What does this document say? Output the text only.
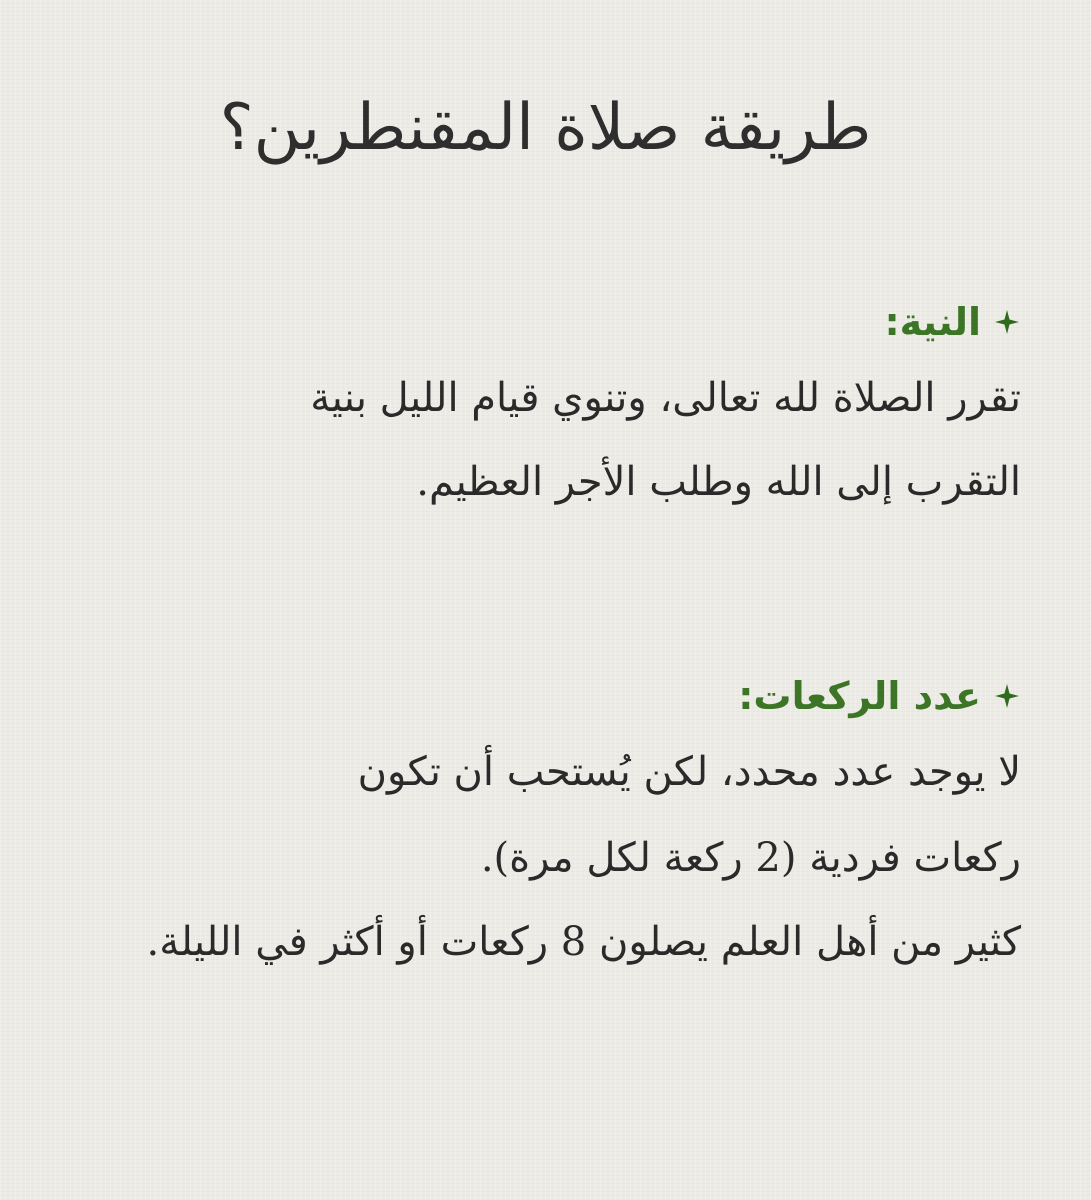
طريقة صلاة المقنطرين؟
النية:
تقرر الصلاة لله تعالى، وتنوي قيام الليل بنية
التقرب إلى الله وطلب الأجر العظيم.
عدد الركعات:
لا يوجد عدد محدد، لكن يُستحب أن تكون
ركعات فردية (2 ركعة لكل مرة).
كثير من أهل العلم يصلون 8 ركعات أو أكثر في الليلة.
